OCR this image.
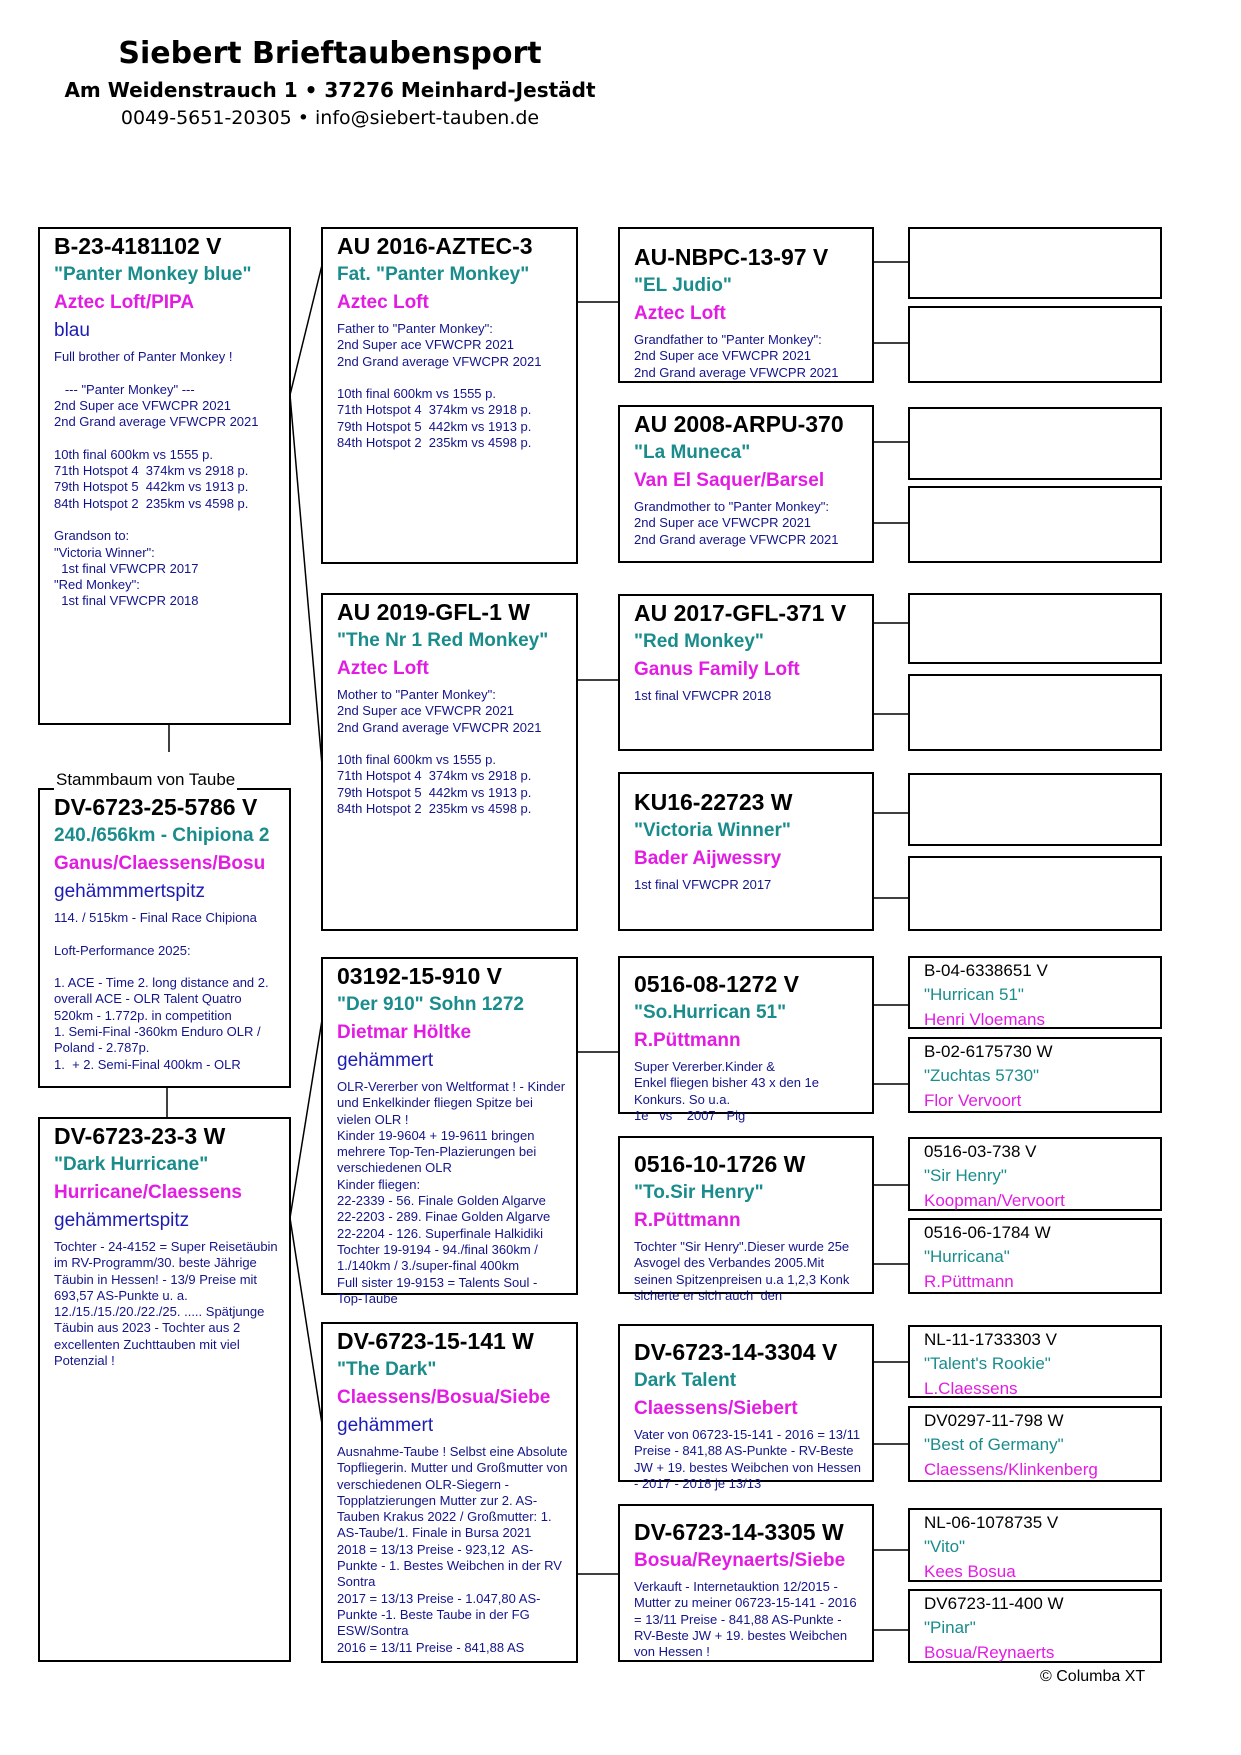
Siebert Brieftaubensport
Am Weidenstrauch 1 • 37276 Meinhard-Jestädt
0049-5651-20305 • info@siebert-tauben.de
B-23-4181102 V
"Panter Monkey blue"
Aztec Loft/PIPA
blau
Full brother of Panter Monkey !

--- "Panter Monkey" ---
2nd Super ace VFWCPR 2021
2nd Grand average VFWCPR 2021

10th final 600km vs 1555 p.
71th Hotspot 4  374km vs 2918 p.
79th Hotspot 5  442km vs 1913 p.
84th Hotspot 2  235km vs 4598 p.

Grandson to:
"Victoria Winner":
1st final VFWCPR 2017
"Red Monkey":
1st final VFWCPR 2018
DV-6723-25-5786 V
240./656km - Chipiona 2
Ganus/Claessens/Bosu
gehämmmertspitz
114. / 515km - Final Race Chipiona

Loft-Performance 2025:

1. ACE - Time 2. long distance and 2. overall ACE - OLR Talent Quatro 520km - 1.772p. in competition
1. Semi-Final -360km Enduro OLR / Poland - 2.787p.
1.  + 2. Semi-Final 400km - OLR
Stammbaum von Taube
DV-6723-23-3 W
"Dark Hurricane"
Hurricane/Claessens
gehämmertspitz
Tochter - 24-4152 = Super Reisetäubin im RV-Programm/30. beste Jährige Täubin in Hessen! - 13/9 Preise mit 693,57 AS-Punkte u. a. 12./15./15./20./22./25. ..... Spätjunge Täubin aus 2023 - Tochter aus 2 excellenten Zuchttauben mit viel Potenzial !
AU 2016-AZTEC-3
Fat. "Panter Monkey"
Aztec Loft
Father to "Panter Monkey":
2nd Super ace VFWCPR 2021
2nd Grand average VFWCPR 2021

10th final 600km vs 1555 p.
71th Hotspot 4  374km vs 2918 p.
79th Hotspot 5  442km vs 1913 p.
84th Hotspot 2  235km vs 4598 p.
AU 2019-GFL-1 W
"The Nr 1 Red Monkey"
Aztec Loft
Mother to "Panter Monkey":
2nd Super ace VFWCPR 2021
2nd Grand average VFWCPR 2021

10th final 600km vs 1555 p.
71th Hotspot 4  374km vs 2918 p.
79th Hotspot 5  442km vs 1913 p.
84th Hotspot 2  235km vs 4598 p.
03192-15-910 V
"Der 910" Sohn 1272
Dietmar Höltke
gehämmert
OLR-Vererber von Weltformat ! - Kinder und Enkelkinder fliegen Spitze bei vielen OLR !
Kinder 19-9604 + 19-9611 bringen mehrere Top-Ten-Plazierungen bei verschiedenen OLR
Kinder fliegen:
22-2339 - 56. Finale Golden Algarve
22-2203 - 289. Finae Golden Algarve
22-2204 - 126. Superfinale Halkidiki
Tochter 19-9194 - 94./final 360km / 1./140km / 3./super-final 400km
Full sister 19-9153 = Talents Soul -
Top-Taube
DV-6723-15-141 W
"The Dark"
Claessens/Bosua/Siebe
gehämmert
Ausnahme-Taube ! Selbst eine Absolute Topfliegerin. Mutter und Großmutter von verschiedenen OLR-Siegern - Topplatzierungen Mutter zur 2. AS-Tauben Krakus 2022 / Großmutter: 1. AS-Taube/1. Finale in Bursa 2021
2018 = 13/13 Preise - 923,12  AS-Punkte - 1. Bestes Weibchen in der RV Sontra
2017 = 13/13 Preise - 1.047,80 AS-Punkte -1. Beste Taube in der FG ESW/Sontra
2016 = 13/11 Preise - 841,88 AS
AU-NBPC-13-97 V
"EL Judio"
Aztec Loft
Grandfather to "Panter Monkey":
2nd Super ace VFWCPR 2021
2nd Grand average VFWCPR 2021
AU 2008-ARPU-370
"La Muneca"
Van El Saquer/Barsel
Grandmother to "Panter Monkey":
2nd Super ace VFWCPR 2021
2nd Grand average VFWCPR 2021
AU 2017-GFL-371 V
"Red Monkey"
Ganus Family Loft
1st final VFWCPR 2018
KU16-22723 W
"Victoria Winner"
Bader Aijwessry
1st final VFWCPR 2017
0516-08-1272 V
"So.Hurrican 51"
R.Püttmann
Super Vererber.Kinder &
Enkel fliegen bisher 43 x den 1e Konkurs. So u.a.
1e   vs    2007   Pig
0516-10-1726 W
"To.Sir Henry"
R.Püttmann
Tochter "Sir Henry".Dieser wurde 25e  Asvogel des Verbandes 2005.Mit seinen Spitzenpreisen u.a 1,2,3 Konk sicherte er sich auch  den
DV-6723-14-3304 V
Dark Talent
Claessens/Siebert
Vater von 06723-15-141 - 2016 = 13/11 Preise - 841,88 AS-Punkte - RV-Beste JW + 19. bestes Weibchen von Hessen - 2017 - 2018 je 13/13
DV-6723-14-3305 W
Bosua/Reynaerts/Siebe
Verkauft - Internetauktion 12/2015 - Mutter zu meiner 06723-15-141 - 2016 = 13/11 Preise - 841,88 AS-Punkte - RV-Beste JW + 19. bestes Weibchen von Hessen !
B-04-6338651 V
"Hurrican 51"
Henri Vloemans
B-02-6175730 W
"Zuchtas 5730"
Flor Vervoort
0516-03-738 V
"Sir Henry"
Koopman/Vervoort
0516-06-1784 W
"Hurricana"
R.Püttmann
NL-11-1733303 V
"Talent's Rookie"
L.Claessens
DV0297-11-798 W
"Best of Germany"
Claessens/Klinkenberg
NL-06-1078735 V
"Vito"
Kees Bosua
DV6723-11-400 W
"Pinar"
Bosua/Reynaerts
© Columba XT
